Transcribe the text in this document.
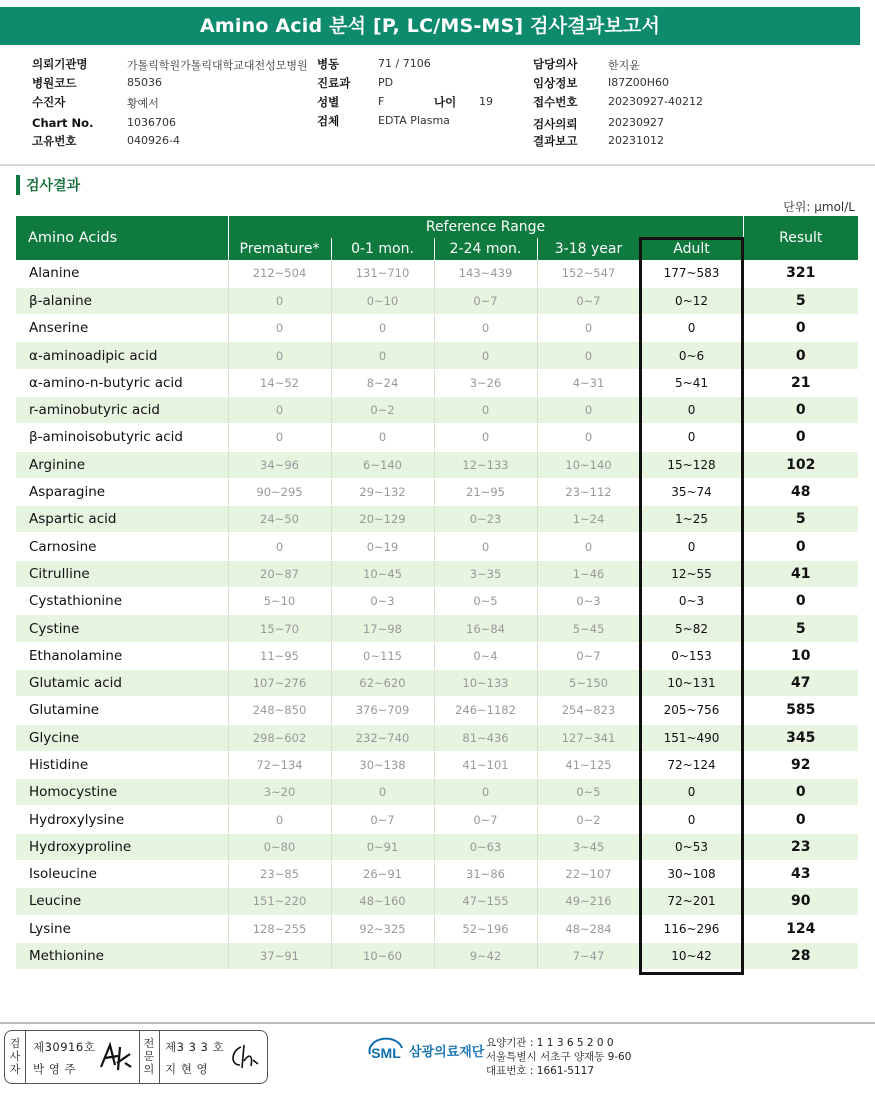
Amino Acid 분석 [P, LC/MS-MS] 검사결과보고서
의뢰기관명	가톨릭학원가톨릭대학교대전성모병원 병동	71 / 7106	담당의사	한지윤
병원코드	85036	진료과	PD	임상정보	I87Z00H60
수진자	황예서	성별	F	나이 19	접수번호	20230927-40212
Chart No.	1036706	검체	EDTA Plasma	검사의뢰	20230927
고유번호	040926-4	결과보고	20231012
검사결과
단위: μmol/L
Amino Acids	Reference Range					Result
	Premature*	0-1 mon.	2-24 mon.	3-18 year	Adult	
Alanine	212~504	131~710	143~439	152~547	177~583	321
β-alanine	0	0~10	0~7	0~7	0~12	5
Anserine	0	0	0	0	0	0
α-aminoadipic acid	0	0	0	0	0~6	0
α-amino-n-butyric acid	14~52	8~24	3~26	4~31	5~41	21
r-aminobutyric acid	0	0~2	0	0	0	0
β-aminoisobutyric acid	0	0	0	0	0	0
Arginine	34~96	6~140	12~133	10~140	15~128	102
Asparagine	90~295	29~132	21~95	23~112	35~74	48
Aspartic acid	24~50	20~129	0~23	1~24	1~25	5
Carnosine	0	0~19	0	0	0	0
Citrulline	20~87	10~45	3~35	1~46	12~55	41
Cystathionine	5~10	0~3	0~5	0~3	0~3	0
Cystine	15~70	17~98	16~84	5~45	5~82	5
Ethanolamine	11~95	0~115	0~4	0~7	0~153	10
Glutamic acid	107~276	62~620	10~133	5~150	10~131	47
Glutamine	248~850	376~709	246~1182	254~823	205~756	585
Glycine	298~602	232~740	81~436	127~341	151~490	345
Histidine	72~134	30~138	41~101	41~125	72~124	92
Homocystine	3~20	0	0	0~5	0	0
Hydroxylysine	0	0~7	0~7	0~2	0	0
Hydroxyproline	0~80	0~91	0~63	3~45	0~53	23
Isoleucine	23~85	26~91	31~86	22~107	30~108	43
Leucine	151~220	48~160	47~155	49~216	72~201	90
Lysine	128~255	92~325	52~196	48~284	116~296	124
Methionine	37~91	10~60	9~42	7~47	10~42	28
검사자
제30916호
박 영 주
전문의
제3 3 3 호
지 현 영
SML 삼광의료재단
요양기관 : 1 1 3 6 5 2 0 0
서울특별시 서초구 양재동 9-60
대표번호 : 1661-5117
